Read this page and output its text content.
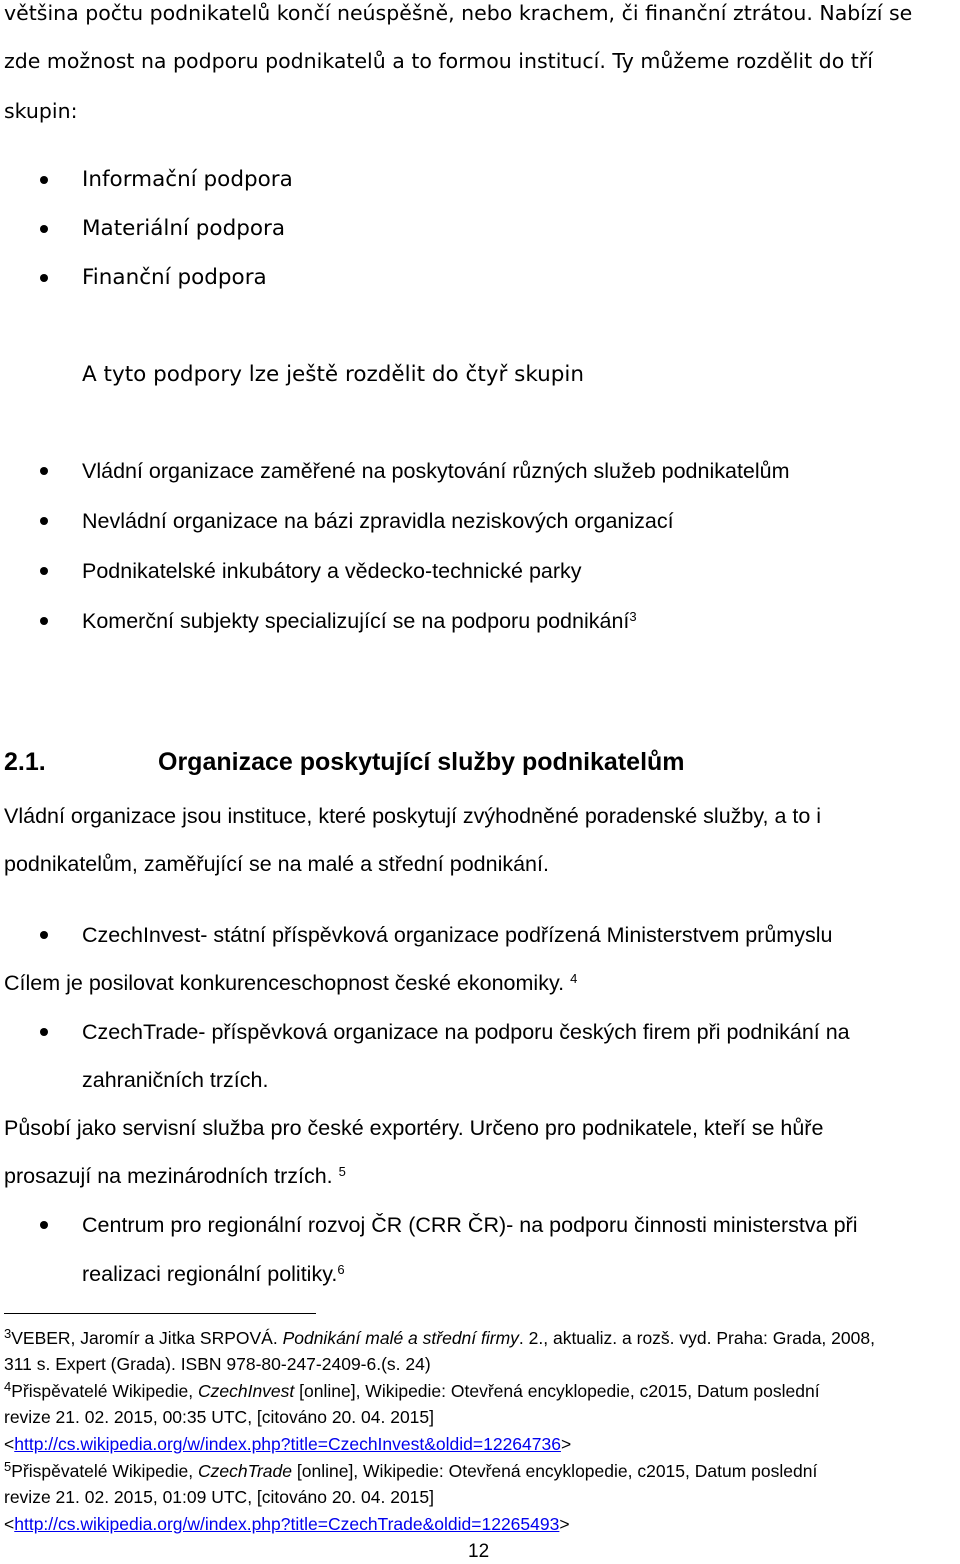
většina počtu podnikatelů končí neúspěšně, nebo krachem, či finanční ztrátou. Nabízí se
zde možnost na podporu podnikatelů a to formou institucí. Ty můžeme rozdělit do tří
skupin:
Informační podpora
Materiální podpora
Finanční podpora
A tyto podpory lze ještě rozdělit do čtyř skupin
Vládní organizace zaměřené na poskytování různých služeb podnikatelům
Nevládní organizace na bázi zpravidla neziskových organizací
Podnikatelské inkubátory a vědecko-technické parky
Komerční subjekty specializující se na podporu podnikání$^3$
2.1.	Organizace poskytující služby podnikatelům
Vládní organizace jsou instituce, které poskytují zvýhodněné poradenské služby, a to i
podnikatelům, zaměřující se na malé a střední podnikání.
CzechInvest- státní příspěvková organizace podřízená Ministerstvem průmyslu
Cílem je posilovat konkurenceschopnost české ekonomiky. $^4$
CzechTrade- příspěvková organizace na podporu českých firem při podnikání na
zahraničních trzích.
Působí jako servisní služba pro české exportéry. Určeno pro podnikatele, kteří se hůře
prosazují na mezinárodních trzích. $^5$
Centrum pro regionální rozvoj ČR (CRR ČR)- na podporu činnosti ministerstva při
realizaci regionální politiky.$^6$
$^3$VEBER, Jaromír a Jitka SRPOVÁ. Podnikání malé a střední firmy. 2., aktualiz. a rozš. vyd. Praha: Grada, 2008,
311 s. Expert (Grada). ISBN 978-80-247-2409-6.(s. 24)
$^4$Přispěvatelé Wikipedie, CzechInvest [online], Wikipedie: Otevřená encyklopedie, c2015, Datum poslední
revize 21. 02. 2015, 00:35 UTC, [citováno 20. 04. 2015]
<http://cs.wikipedia.org/w/index.php?title=CzechInvest&oldid=12264736>
$^5$Přispěvatelé Wikipedie, CzechTrade [online], Wikipedie: Otevřená encyklopedie, c2015, Datum poslední
revize 21. 02. 2015, 01:09 UTC, [citováno 20. 04. 2015]
<http://cs.wikipedia.org/w/index.php?title=CzechTrade&oldid=12265493>
12
